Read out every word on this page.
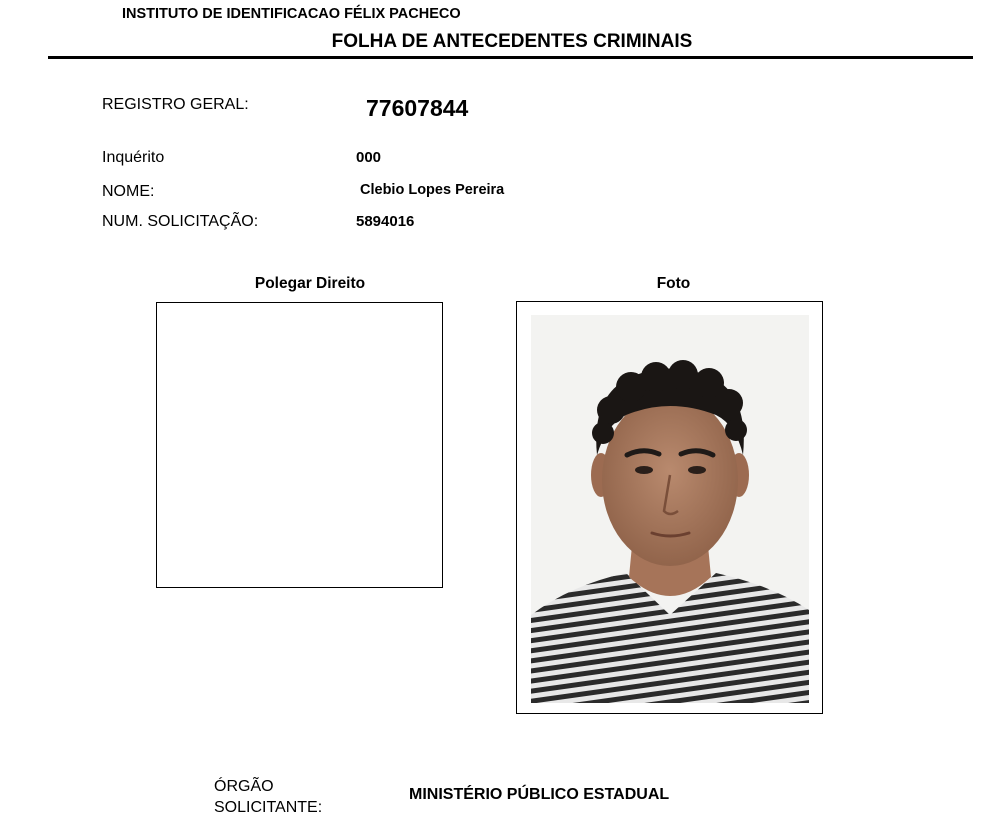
INSTITUTO DE IDENTIFICACAO FÉLIX PACHECO
FOLHA DE ANTECEDENTES CRIMINAIS
REGISTRO GERAL:	77607844
Inquérito	000
NOME:	Clebio Lopes Pereira
NUM. SOLICITAÇÃO:	5894016
Polegar Direito	Foto
ÓRGÃO
SOLICITANTE:
MINISTÉRIO PÚBLICO ESTADUAL
